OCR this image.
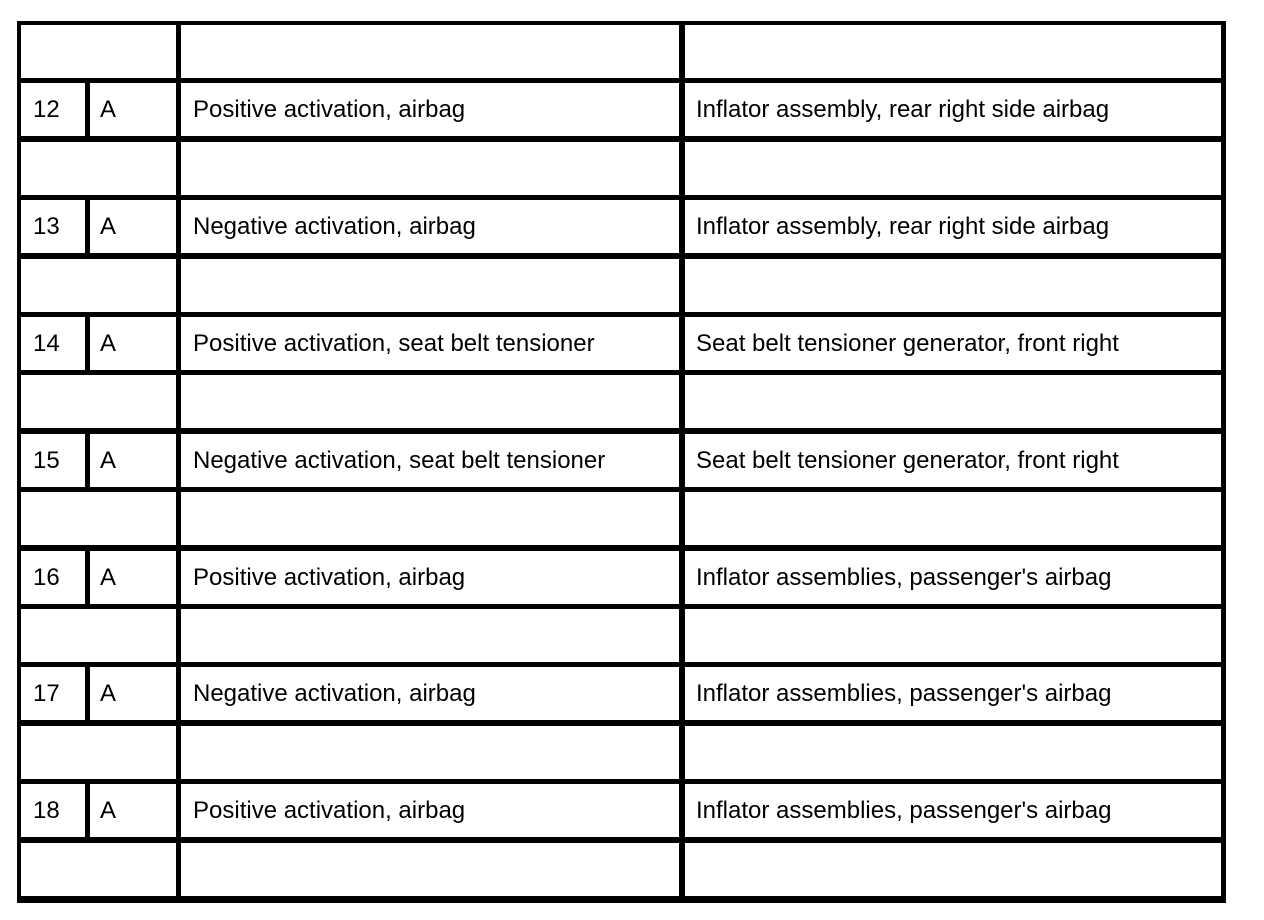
12	A	Positive activation, airbag	Inflator assembly, rear right side airbag
13	A	Negative activation, airbag	Inflator assembly, rear right side airbag
14	A	Positive activation, seat belt tensioner	Seat belt tensioner generator, front right
15	A	Negative activation, seat belt tensioner	Seat belt tensioner generator, front right
16	A	Positive activation, airbag	Inflator assemblies, passenger's airbag
17	A	Negative activation, airbag	Inflator assemblies, passenger's airbag
18	A	Positive activation, airbag	Inflator assemblies, passenger's airbag
